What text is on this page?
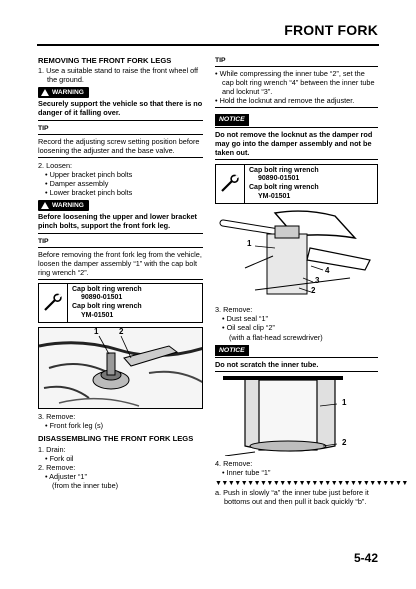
FRONT FORK
REMOVING THE FRONT FORK LEGS

1. Use a suitable stand to raise the front wheel off the ground.

WARNING
Securely support the vehicle so that there is no danger of it falling over.
TIP
Record the adjusting screw setting position before loosening the adjuster and the base valve.

2. Loosen:

• Upper bracket pinch bolts

• Damper assembly

• Lower bracket pinch bolts

WARNING
Before loosening the upper and lower bracket pinch bolts, support the front fork leg.
TIP
Before removing the front fork leg from the vehicle, loosen the damper assembly “1” with the cap bolt ring wrench “2”.
Cap bolt ring wrench
90890-01501
Cap bolt ring wrench
YM-01501
1	2

3. Remove:

• Front fork leg (s)

DISASSEMBLING THE FRONT FORK LEGS

1. Drain:

• Fork oil

2. Remove:

• Adjuster “1”

(from the inner tube)

TIP

• While compressing the inner tube “2”, set the cap bolt ring wrench “4” between the inner tube and locknut “3”.

• Hold the locknut and remove the adjuster.
NOTICE
Do not remove the locknut as the damper rod may go into the damper assembly and not be taken out.
Cap bolt ring wrench
90890-01501
Cap bolt ring wrench
YM-01501
1
2
3
4

3. Remove:

• Dust seal “1”

• Oil seal clip “2”

(with a flat-head screwdriver)

NOTICE
Do not scratch the inner tube.
1
2

4. Remove:

• Inner tube “1”

▼▼▼▼▼▼▼▼▼▼▼▼▼▼▼▼▼▼▼▼▼▼▼▼▼▼▼▼▼▼

a. Push in slowly “a” the inner tube just before it bottoms out and then pull it back quickly “b”.

5-42
